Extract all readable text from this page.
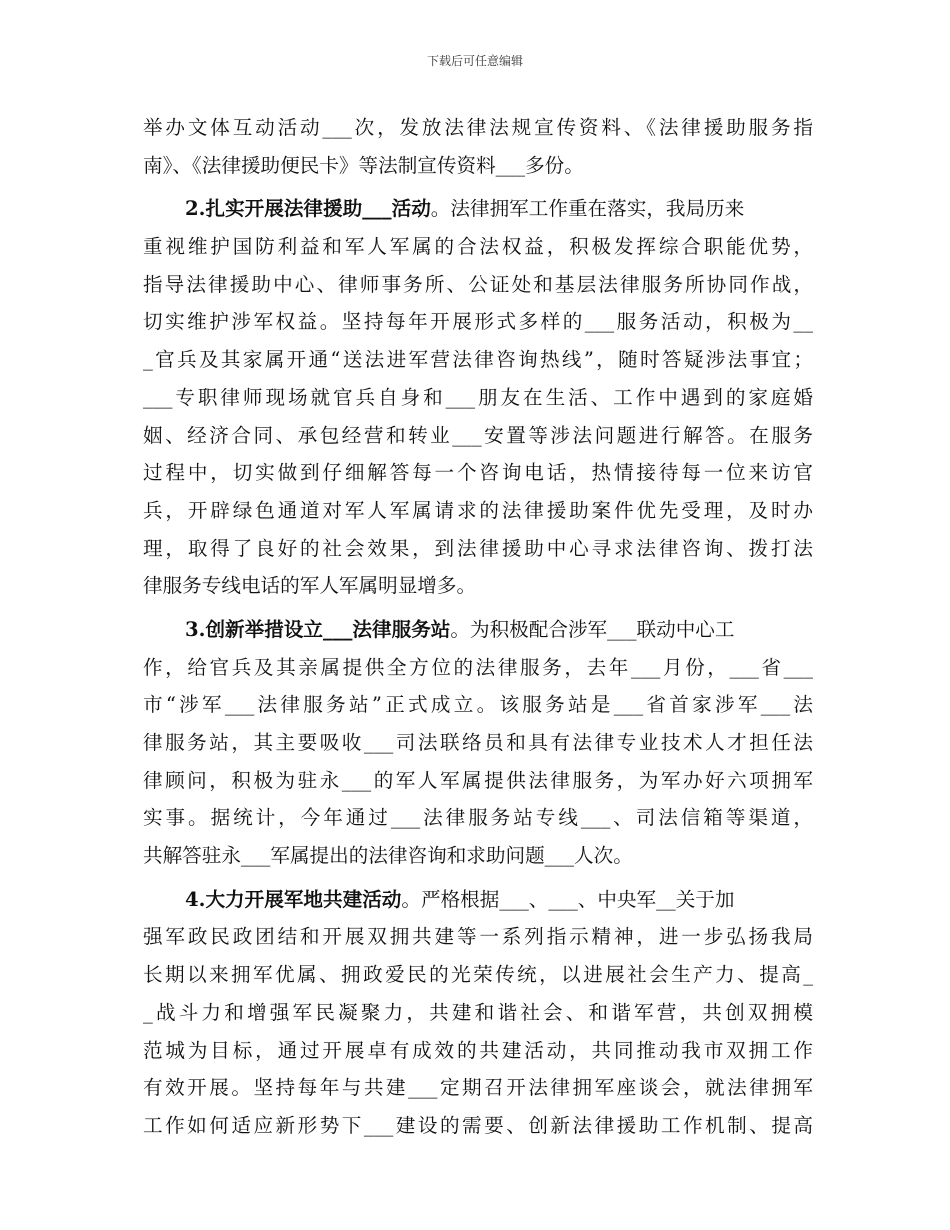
下载后可任意编辑
举办文体互动活动___次，发放法律法规宣传资料、《法律援助服务指
南》、《法律援助便民卡》等法制宣传资料___多份。
2.扎实开展法律援助___活动。法律拥军工作重在落实，我局历来
重视维护国防利益和军人军属的合法权益，积极发挥综合职能优势，
指导法律援助中心、律师事务所、公证处和基层法律服务所协同作战，
切实维护涉军权益。坚持每年开展形式多样的___服务活动，积极为__
_官兵及其家属开通“送法进军营法律咨询热线”，随时答疑涉法事宜；
___专职律师现场就官兵自身和___朋友在生活、工作中遇到的家庭婚
姻、经济合同、承包经营和转业___安置等涉法问题进行解答。在服务
过程中，切实做到仔细解答每一个咨询电话，热情接待每一位来访官
兵，开辟绿色通道对军人军属请求的法律援助案件优先受理，及时办
理，取得了良好的社会效果，到法律援助中心寻求法律咨询、拨打法
律服务专线电话的军人军属明显增多。
3.创新举措设立___法律服务站。为积极配合涉军___联动中心工
作，给官兵及其亲属提供全方位的法律服务，去年___月份，___省___
市“涉军___法律服务站”正式成立。该服务站是___省首家涉军___法
律服务站，其主要吸收___司法联络员和具有法律专业技术人才担任法
律顾问，积极为驻永___的军人军属提供法律服务，为军办好六项拥军
实事。据统计，今年通过___法律服务站专线___、司法信箱等渠道，
共解答驻永___军属提出的法律咨询和求助问题___人次。
4.大力开展军地共建活动。严格根据___、___、中央军__关于加
强军政民政团结和开展双拥共建等一系列指示精神，进一步弘扬我局
长期以来拥军优属、拥政爱民的光荣传统，以进展社会生产力、提高_
_战斗力和增强军民凝聚力，共建和谐社会、和谐军营，共创双拥模
范城为目标，通过开展卓有成效的共建活动，共同推动我市双拥工作
有效开展。坚持每年与共建___定期召开法律拥军座谈会，就法律拥军
工作如何适应新形势下___建设的需要、创新法律援助工作机制、提高
